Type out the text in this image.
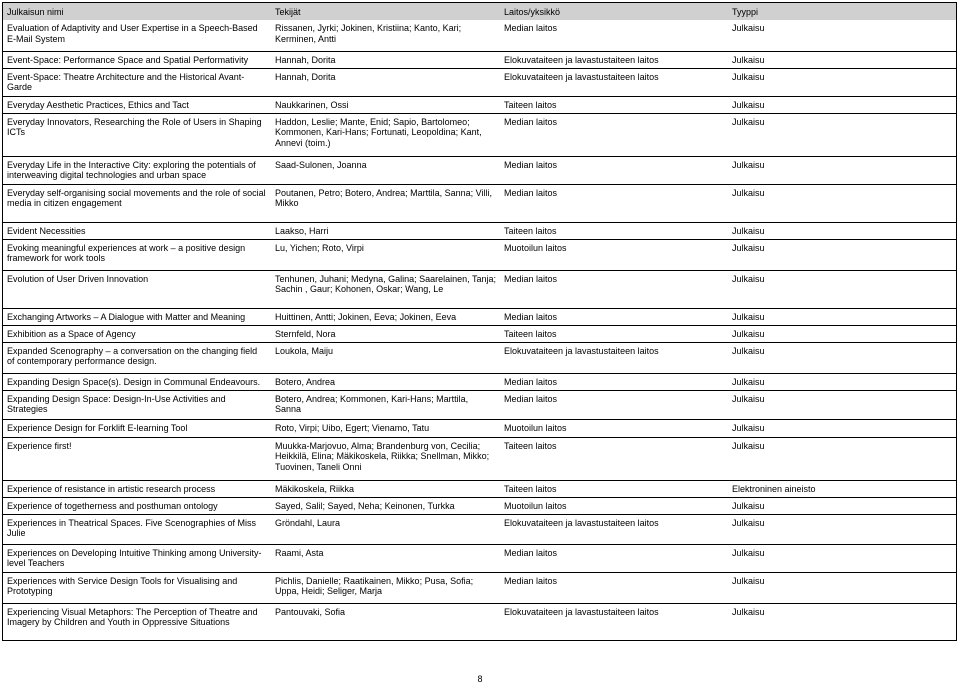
Julkaisun nimi	Tekijät	Laitos/yksikkö	Tyyppi
Evaluation of Adaptivity and User Expertise in a Speech-Based E-Mail System	Rissanen, Jyrki; Jokinen, Kristiina; Kanto, Kari; Kerminen, Antti	Median laitos	Julkaisu
Event-Space: Performance Space and Spatial Performativity	Hannah, Dorita	Elokuvataiteen ja lavastustaiteen laitos	Julkaisu
Event-Space: Theatre Architecture and the Historical Avant-Garde	Hannah, Dorita	Elokuvataiteen ja lavastustaiteen laitos	Julkaisu
Everyday Aesthetic Practices, Ethics and Tact	Naukkarinen, Ossi	Taiteen laitos	Julkaisu
Everyday Innovators, Researching the Role of Users in Shaping ICTs	Haddon, Leslie; Mante, Enid; Sapio, Bartolomeo; Kommonen, Kari-Hans; Fortunati, Leopoldina; Kant, Annevi (toim.)	Median laitos	Julkaisu
Everyday Life in the Interactive City: exploring the potentials of interweaving digital technologies and urban space	Saad-Sulonen, Joanna	Median laitos	Julkaisu
Everyday self-organising social movements and the role of social media in citizen engagement	Poutanen, Petro; Botero, Andrea; Marttila, Sanna; Villi, Mikko	Median laitos	Julkaisu
Evident Necessities	Laakso, Harri	Taiteen laitos	Julkaisu
Evoking meaningful experiences at work – a positive design framework for work tools	Lu, Yichen; Roto, Virpi	Muotoilun laitos	Julkaisu
Evolution of User Driven Innovation	Tenhunen, Juhani; Medyna, Galina; Saarelainen, Tanja; Sachin , Gaur; Kohonen, Oskar; Wang, Le	Median laitos	Julkaisu
Exchanging Artworks – A Dialogue with Matter and Meaning	Huittinen, Antti; Jokinen, Eeva; Jokinen, Eeva	Median laitos	Julkaisu
Exhibition as a Space of Agency	Sternfeld, Nora	Taiteen laitos	Julkaisu
Expanded Scenography – a conversation on the changing field of contemporary performance design.	Loukola, Maiju	Elokuvataiteen ja lavastustaiteen laitos	Julkaisu
Expanding Design Space(s). Design in Communal Endeavours.	Botero, Andrea	Median laitos	Julkaisu
Expanding Design Space: Design-In-Use Activities and Strategies	Botero, Andrea; Kommonen, Kari-Hans; Marttila, Sanna	Median laitos	Julkaisu
Experience Design for Forklift E-learning Tool	Roto, Virpi; Uibo, Egert; Vienamo, Tatu	Muotoilun laitos	Julkaisu
Experience first!	Muukka-Marjovuo, Alma; Brandenburg von, Cecilia; Heikkilä, Elina; Mäkikoskela, Riikka; Snellman, Mikko; Tuovinen, Taneli Onni	Taiteen laitos	Julkaisu
Experience of resistance in artistic research process	Mäkikoskela, Riikka	Taiteen laitos	Elektroninen aineisto
Experience of togetherness and posthuman ontology	Sayed, Salil; Sayed, Neha; Keinonen, Turkka	Muotoilun laitos	Julkaisu
Experiences in Theatrical Spaces. Five Scenographies of Miss Julie	Gröndahl, Laura	Elokuvataiteen ja lavastustaiteen laitos	Julkaisu
Experiences on Developing Intuitive Thinking among University-level Teachers	Raami, Asta	Median laitos	Julkaisu
Experiences with Service Design Tools for Visualising and Prototyping	Pichlis, Danielle; Raatikainen, Mikko; Pusa, Sofia; Uppa, Heidi; Seliger, Marja	Median laitos	Julkaisu
Experiencing Visual Metaphors: The Perception of Theatre and Imagery by Children and Youth in Oppressive Situations	Pantouvaki, Sofia	Elokuvataiteen ja lavastustaiteen laitos	Julkaisu
8
